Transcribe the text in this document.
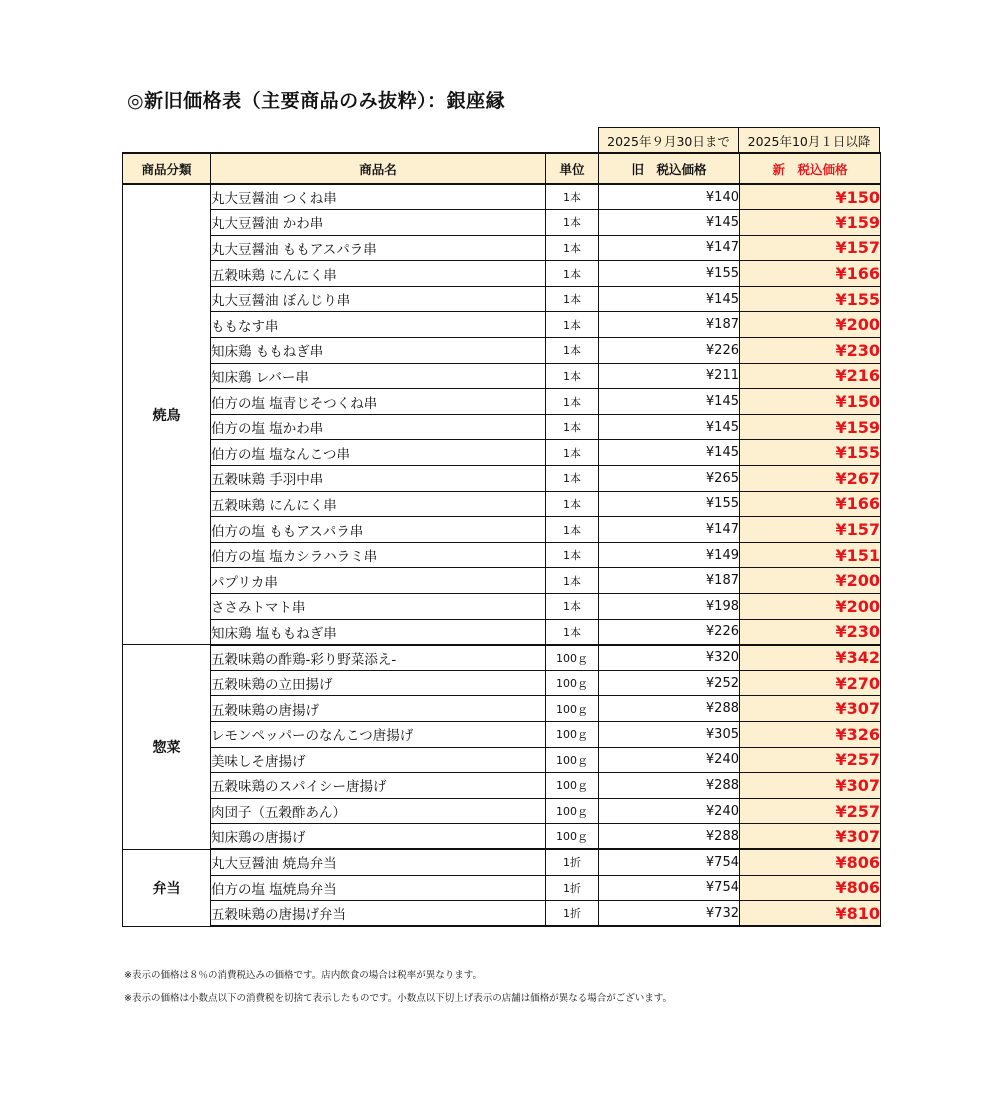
◎新旧価格表（主要商品のみ抜粋）：銀座縁
2025年９月30日まで	2025年10月１日以降
商品分類	商品名	単位	旧　税込価格	新　税込価格
焼鳥	丸大豆醤油 つくね串	1本	¥140	¥150
	丸大豆醤油 かわ串	1本	¥145	¥159
	丸大豆醤油 ももアスパラ串	1本	¥147	¥157
	五穀味鶏 にんにく串	1本	¥155	¥166
	丸大豆醤油 ぼんじり串	1本	¥145	¥155
	ももなす串	1本	¥187	¥200
	知床鶏 ももねぎ串	1本	¥226	¥230
	知床鶏 レバー串	1本	¥211	¥216
	伯方の塩 塩青じそつくね串	1本	¥145	¥150
	伯方の塩 塩かわ串	1本	¥145	¥159
	伯方の塩 塩なんこつ串	1本	¥145	¥155
	五穀味鶏 手羽中串	1本	¥265	¥267
	五穀味鶏 にんにく串	1本	¥155	¥166
	伯方の塩 ももアスパラ串	1本	¥147	¥157
	伯方の塩 塩カシラハラミ串	1本	¥149	¥151
	パプリカ串	1本	¥187	¥200
	ささみトマト串	1本	¥198	¥200
	知床鶏 塩ももねぎ串	1本	¥226	¥230
惣菜	五穀味鶏の酢鶏-彩り野菜添え-	100ｇ	¥320	¥342
	五穀味鶏の立田揚げ	100ｇ	¥252	¥270
	五穀味鶏の唐揚げ	100ｇ	¥288	¥307
	レモンペッパーのなんこつ唐揚げ	100ｇ	¥305	¥326
	美味しそ唐揚げ	100ｇ	¥240	¥257
	五穀味鶏のスパイシー唐揚げ	100ｇ	¥288	¥307
	肉団子（五穀酢あん）	100ｇ	¥240	¥257
	知床鶏の唐揚げ	100ｇ	¥288	¥307
弁当	丸大豆醤油 焼鳥弁当	1折	¥754	¥806
	伯方の塩 塩焼鳥弁当	1折	¥754	¥806
	五穀味鶏の唐揚げ弁当	1折	¥732	¥810
※表示の価格は８％の消費税込みの価格です。店内飲食の場合は税率が異なります。
※表示の価格は小数点以下の消費税を切捨て表示したものです。小数点以下切上げ表示の店舗は価格が異なる場合がございます。
